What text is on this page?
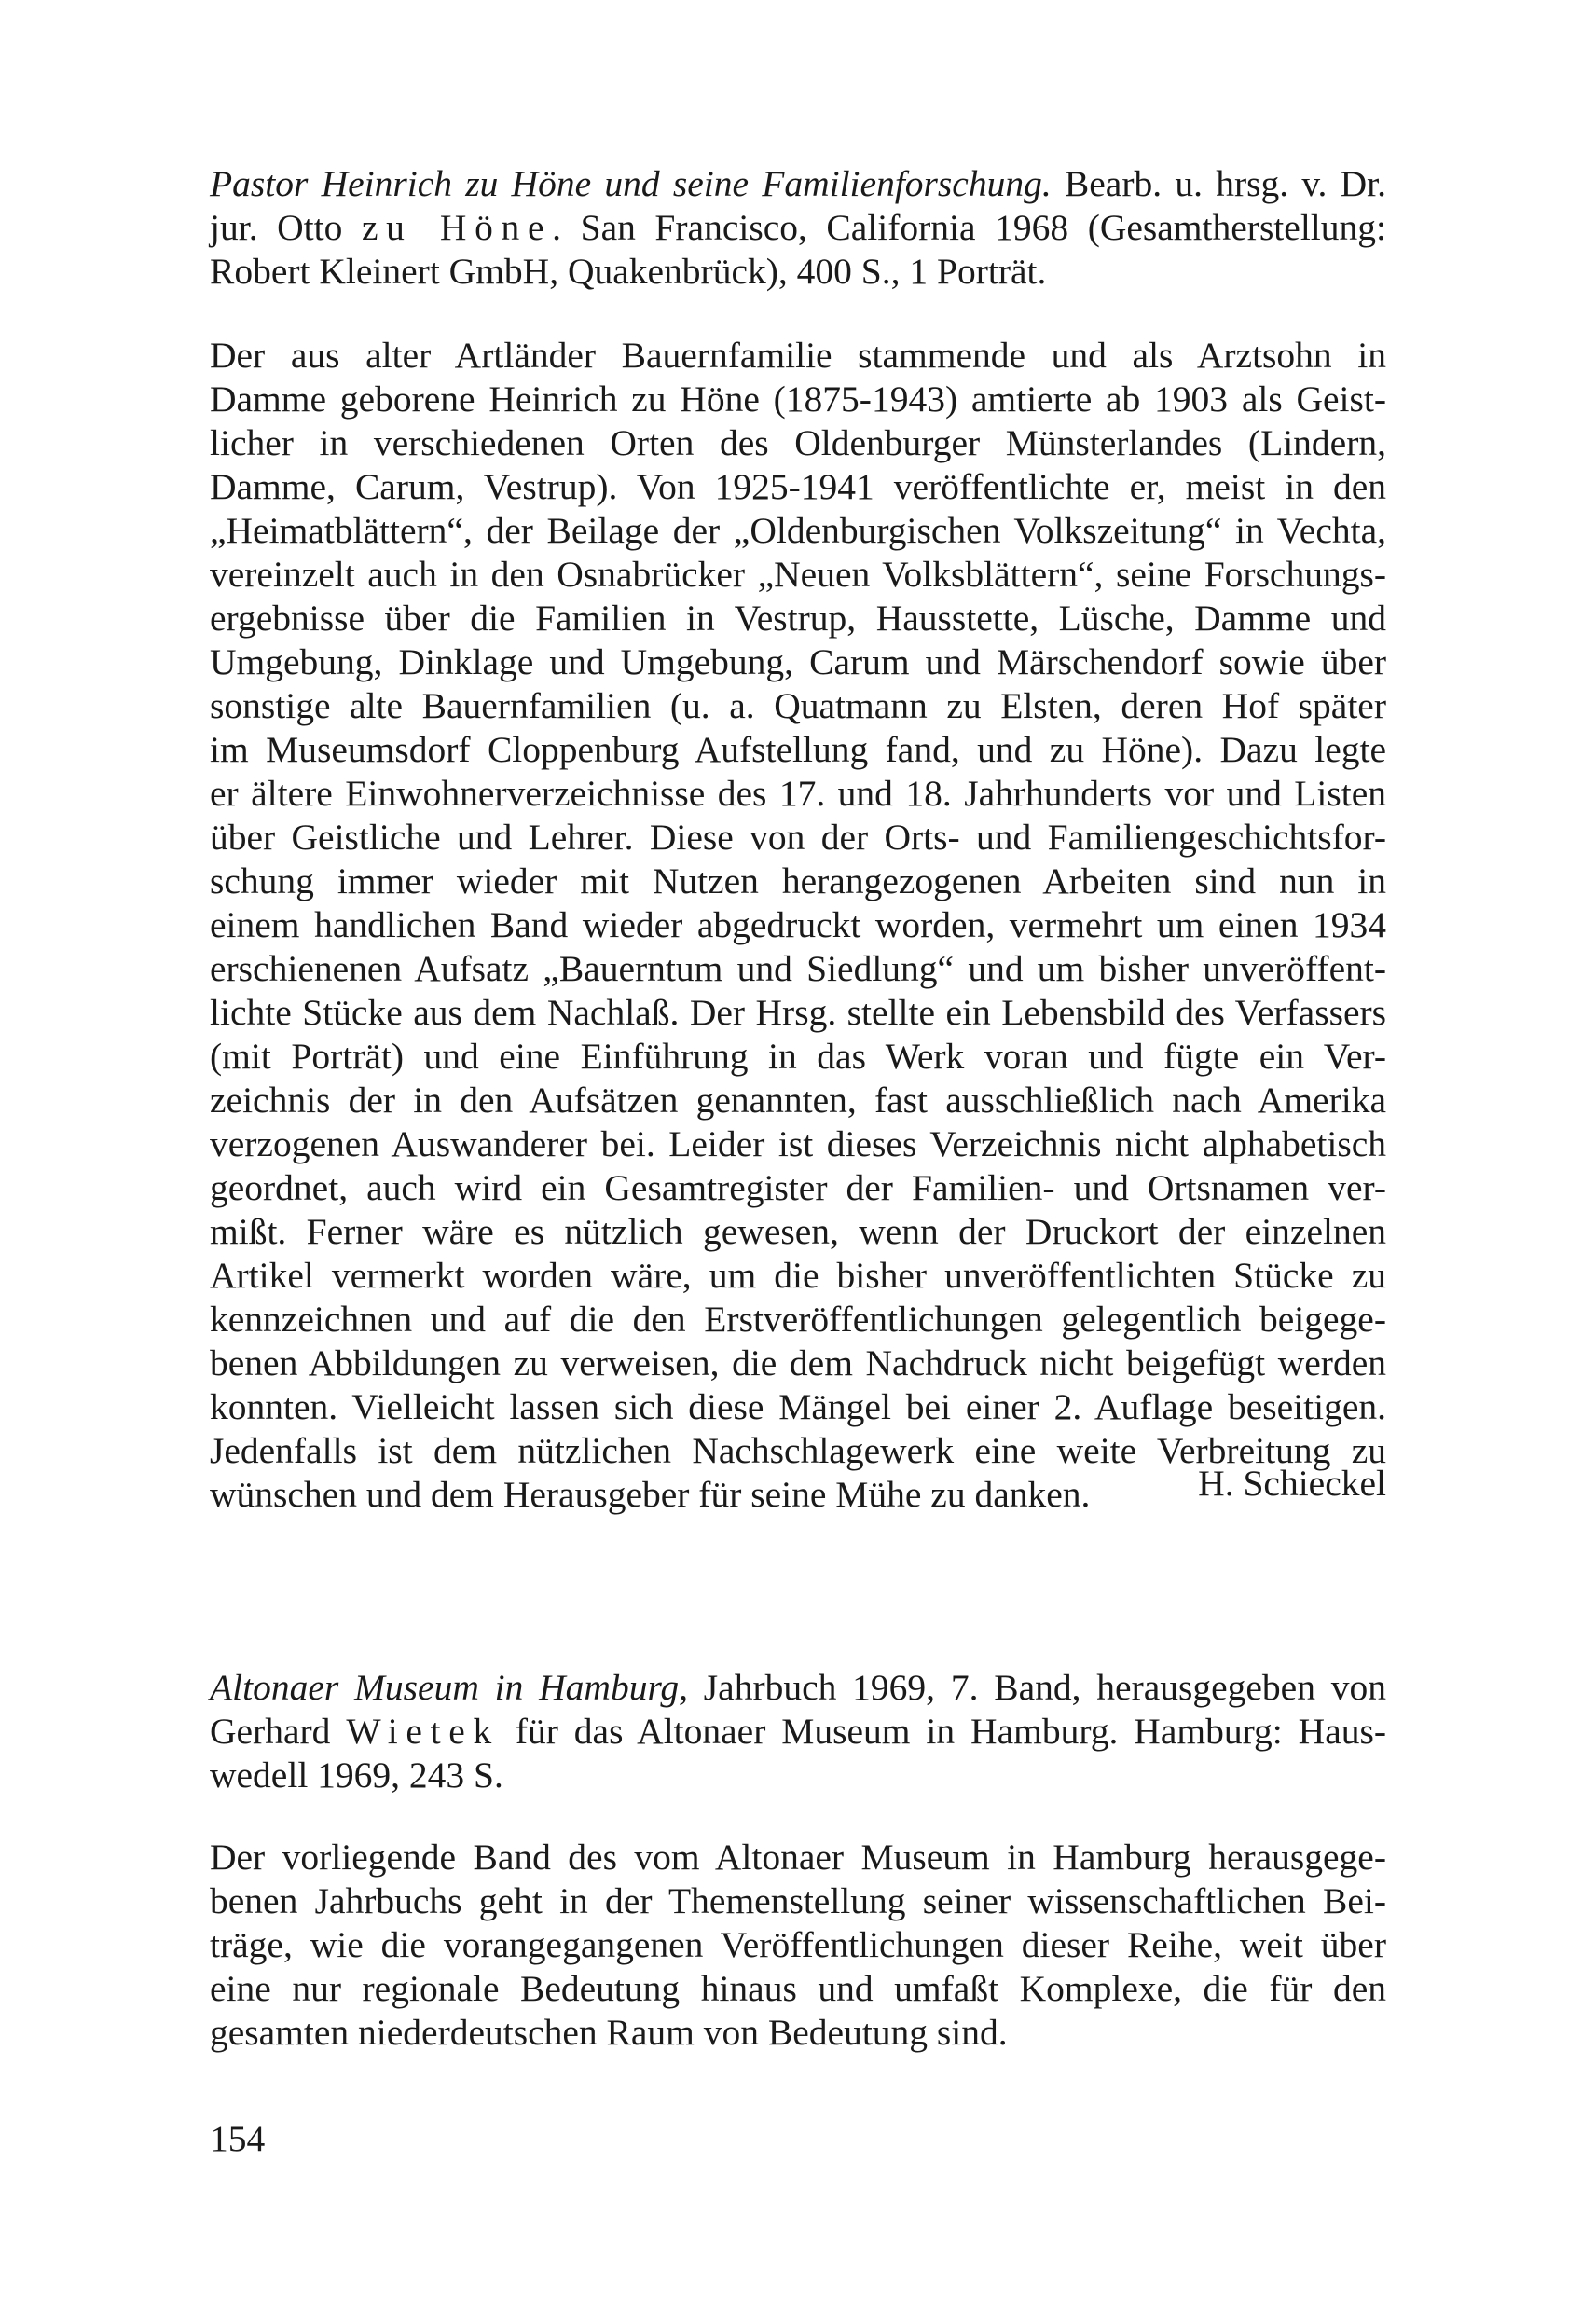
Pastor Heinrich zu Höne und seine Familienforschung. Bearb. u. hrsg. v. Dr.
jur. Otto zu Höne. San Francisco, California 1968 (Gesamtherstellung:
Robert Kleinert GmbH, Quakenbrück), 400 S., 1 Porträt.

Der aus alter Artländer Bauernfamilie stammende und als Arztsohn in
Damme geborene Heinrich zu Höne (1875-1943) amtierte ab 1903 als Geist-
licher in verschiedenen Orten des Oldenburger Münsterlandes (Lindern,
Damme, Carum, Vestrup). Von 1925-1941 veröffentlichte er, meist in den
„Heimatblättern“, der Beilage der „Oldenburgischen Volkszeitung“ in Vechta,
vereinzelt auch in den Osnabrücker „Neuen Volksblättern“, seine Forschungs-
ergebnisse über die Familien in Vestrup, Hausstette, Lüsche, Damme und
Umgebung, Dinklage und Umgebung, Carum und Märschendorf sowie über
sonstige alte Bauernfamilien (u. a. Quatmann zu Elsten, deren Hof später
im Museumsdorf Cloppenburg Aufstellung fand, und zu Höne). Dazu legte
er ältere Einwohnerverzeichnisse des 17. und 18. Jahrhunderts vor und Listen
über Geistliche und Lehrer. Diese von der Orts- und Familiengeschichtsfor-
schung immer wieder mit Nutzen herangezogenen Arbeiten sind nun in
einem handlichen Band wieder abgedruckt worden, vermehrt um einen 1934
erschienenen Aufsatz „Bauerntum und Siedlung“ und um bisher unveröffent-
lichte Stücke aus dem Nachlaß. Der Hrsg. stellte ein Lebensbild des Verfassers
(mit Porträt) und eine Einführung in das Werk voran und fügte ein Ver-
zeichnis der in den Aufsätzen genannten, fast ausschließlich nach Amerika
verzogenen Auswanderer bei. Leider ist dieses Verzeichnis nicht alphabetisch
geordnet, auch wird ein Gesamtregister der Familien- und Ortsnamen ver-
mißt. Ferner wäre es nützlich gewesen, wenn der Druckort der einzelnen
Artikel vermerkt worden wäre, um die bisher unveröffentlichten Stücke zu
kennzeichnen und auf die den Erstveröffentlichungen gelegentlich beigege-
benen Abbildungen zu verweisen, die dem Nachdruck nicht beigefügt werden
konnten. Vielleicht lassen sich diese Mängel bei einer 2. Auflage beseitigen.
Jedenfalls ist dem nützlichen Nachschlagewerk eine weite Verbreitung zu
wünschen und dem Herausgeber für seine Mühe zu danken.	H. Schieckel

Altonaer Museum in Hamburg, Jahrbuch 1969, 7. Band, herausgegeben von
Gerhard Wietek für das Altonaer Museum in Hamburg. Hamburg: Haus-
wedell 1969, 243 S.

Der vorliegende Band des vom Altonaer Museum in Hamburg herausgege-
benen Jahrbuchs geht in der Themenstellung seiner wissenschaftlichen Bei-
träge, wie die vorangegangenen Veröffentlichungen dieser Reihe, weit über
eine nur regionale Bedeutung hinaus und umfaßt Komplexe, die für den
gesamten niederdeutschen Raum von Bedeutung sind.

154
